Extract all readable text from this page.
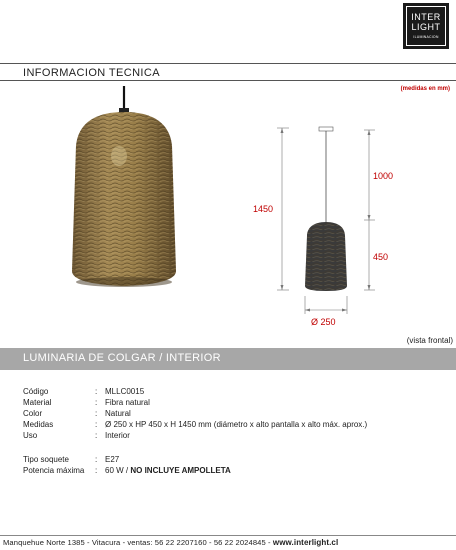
INTER
LIGHT
ILUMINACION
INFORMACION TECNICA
(medidas en mm)
1450
1000
450
Ø 250
(vista frontal)
LUMINARIA DE COLGAR / INTERIOR
Código	: MLLC0015
Material	: Fibra natural
Color	: Natural
Medidas	: Ø 250 x HP 450 x H 1450 mm (diámetro x alto pantalla x alto máx. aprox.)
Uso	: Interior
Tipo soquete	: E27
Potencia máxima	: 60 W / NO INCLUYE AMPOLLETA
Manquehue Norte 1385 - Vitacura - ventas: 56 22 2207160 - 56 22 2024845 - www.interlight.cl
